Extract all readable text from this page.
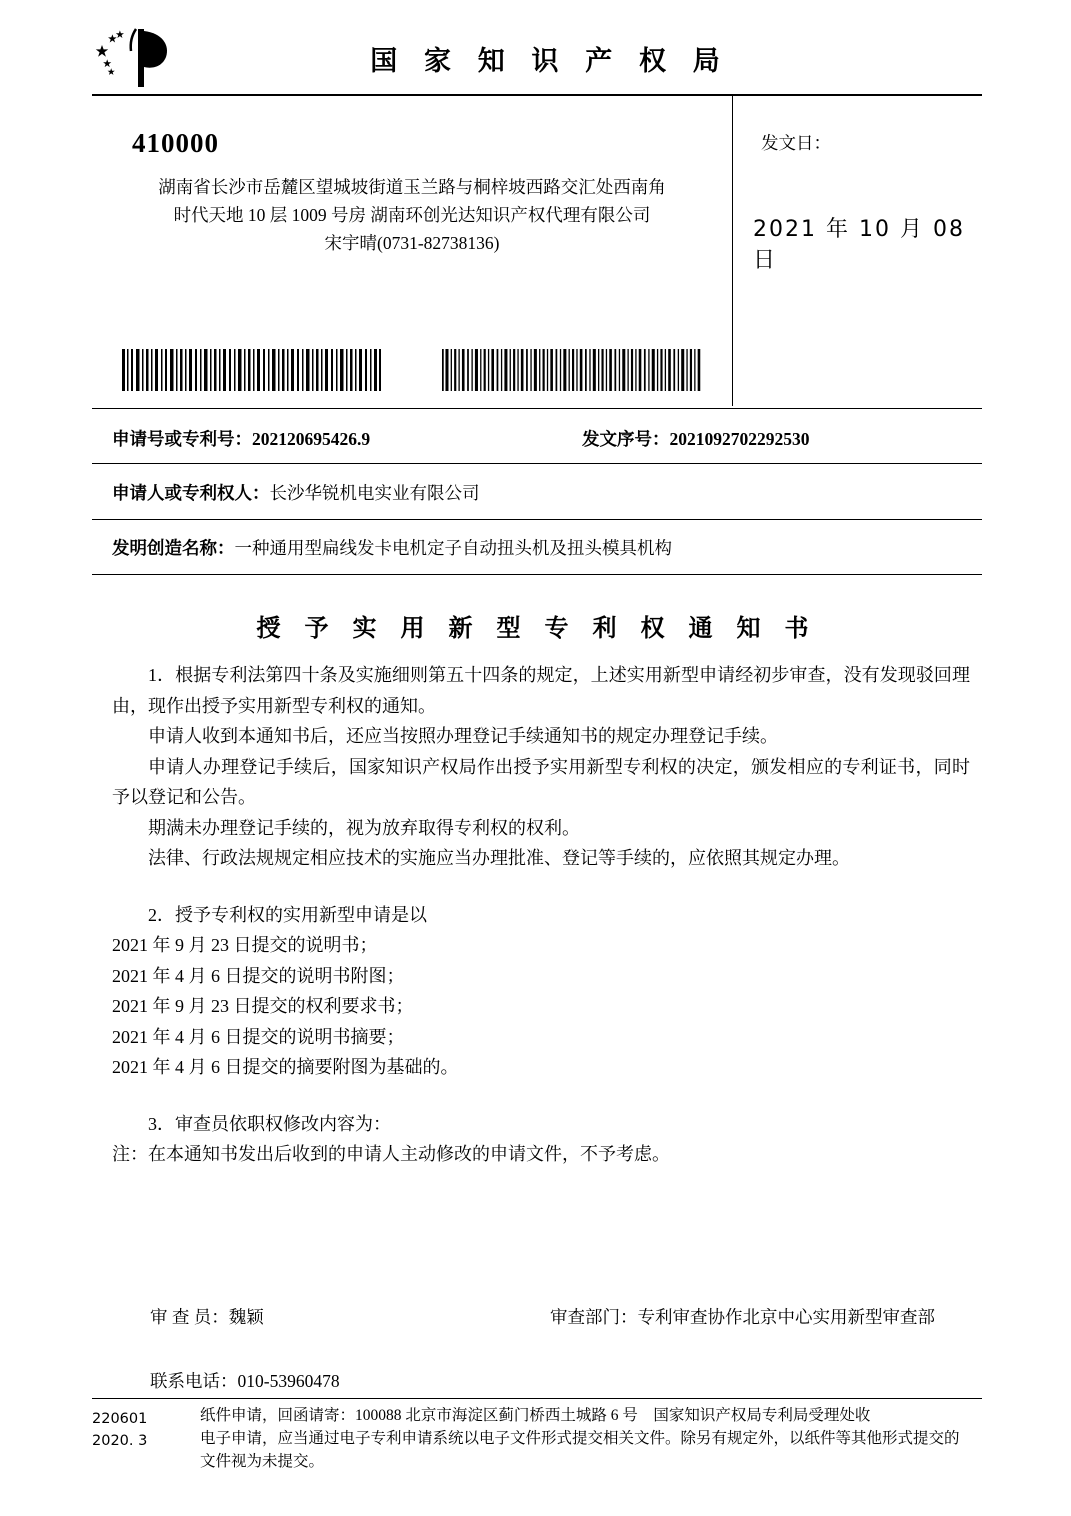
国 家 知 识 产 权 局
410000
湖南省长沙市岳麓区望城坡街道玉兰路与桐梓坡西路交汇处西南角
时代天地 10 层 1009 号房 湖南环创光达知识产权代理有限公司
宋宇晴(0731-82738136)
发文日：
2021 年 10 月 08 日
申请号或专利号：202120695426.9	发文序号：2021092702292530
申请人或专利权人：长沙华锐机电实业有限公司
发明创造名称：一种通用型扁线发卡电机定子自动扭头机及扭头模具机构
授 予 实 用 新 型 专 利 权 通 知 书

1．根据专利法第四十条及实施细则第五十四条的规定，上述实用新型申请经初步审查，没有发现驳回理由，现作出授予实用新型专利权的通知。

申请人收到本通知书后，还应当按照办理登记手续通知书的规定办理登记手续。

申请人办理登记手续后，国家知识产权局作出授予实用新型专利权的决定，颁发相应的专利证书，同时予以登记和公告。

期满未办理登记手续的，视为放弃取得专利权的权利。

法律、行政法规规定相应技术的实施应当办理批准、登记等手续的，应依照其规定办理。

2．授予专利权的实用新型申请是以

2021 年 9 月 23 日提交的说明书；

2021 年 4 月 6 日提交的说明书附图；

2021 年 9 月 23 日提交的权利要求书；

2021 年 4 月 6 日提交的说明书摘要；

2021 年 4 月 6 日提交的摘要附图为基础的。

3．审查员依职权修改内容为：

注：在本通知书发出后收到的申请人主动修改的申请文件，不予考虑。

审 查 员：魏颖	审查部门：专利审查协作北京中心实用新型审查部
联系电话：010-53960478
220601
2020. 3
纸件申请，回函请寄：100088 北京市海淀区蓟门桥西土城路 6 号　国家知识产权局专利局受理处收
电子申请，应当通过电子专利申请系统以电子文件形式提交相关文件。除另有规定外，以纸件等其他形式提交的
文件视为未提交。
